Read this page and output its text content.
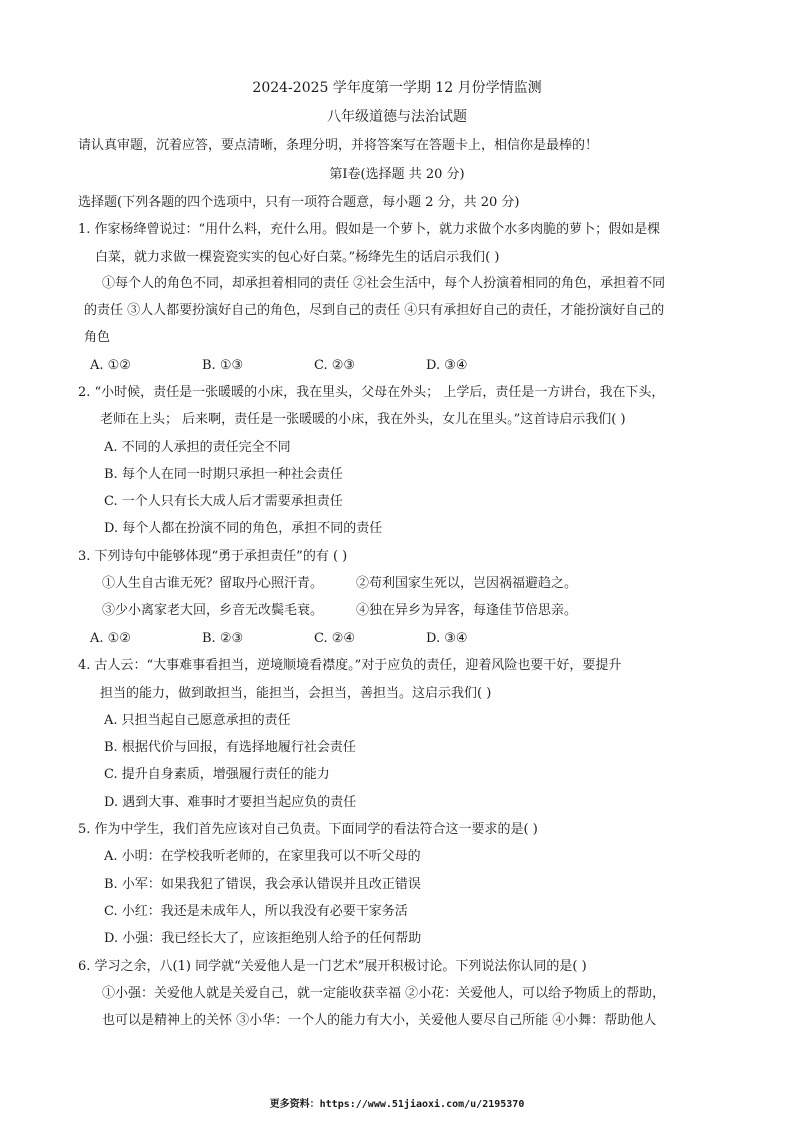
2024-2025 学年度第一学期 12 月份学情监测
八年级道德与法治试题
请认真审题，沉着应答，要点清晰，条理分明，并将答案写在答题卡上，相信你是最棒的！
第Ⅰ卷(选择题 共 20 分)
选择题(下列各题的四个选项中，只有一项符合题意，每小题 2 分，共 20 分)
1. 作家杨绛曾说过：“用什么料，充什么用。假如是一个萝卜，就力求做个水多肉脆的萝卜；假如是棵
白菜，就力求做一棵瓷瓷实实的包心好白菜。”杨绛先生的话启示我们( )
①每个人的角色不同，却承担着相同的责任 ②社会生活中，每个人扮演着相同的角色，承担着不同
的责任 ③人人都要扮演好自己的角色，尽到自己的责任 ④只有承担好自己的责任，才能扮演好自己的
角色
A. ①②	B. ①③	C. ②③	D. ③④
2. “小时候，责任是一张暖暖的小床，我在里头，父母在外头； 上学后，责任是一方讲台，我在下头，
老师在上头； 后来啊，责任是一张暖暖的小床，我在外头，女儿在里头。”这首诗启示我们( )
A. 不同的人承担的责任完全不同
B. 每个人在同一时期只承担一种社会责任
C. 一个人只有长大成人后才需要承担责任
D. 每个人都在扮演不同的角色，承担不同的责任
3. 下列诗句中能够体现“勇于承担责任”的有 ( )
①人生自古谁无死？留取丹心照汗青。	②苟利国家生死以，岂因祸福避趋之。
③少小离家老大回，乡音无改鬓毛衰。	④独在异乡为异客，每逢佳节倍思亲。
A. ①②	B. ②③	C. ②④	D. ③④
4. 古人云：“大事难事看担当，逆境顺境看襟度。”对于应负的责任，迎着风险也要干好，要提升
担当的能力，做到敢担当，能担当，会担当，善担当。这启示我们( )
A. 只担当起自己愿意承担的责任
B. 根据代价与回报，有选择地履行社会责任
C. 提升自身素质，增强履行责任的能力
D. 遇到大事、难事时才要担当起应负的责任
5. 作为中学生，我们首先应该对自己负责。下面同学的看法符合这一要求的是( )
A. 小明：在学校我听老师的，在家里我可以不听父母的
B. 小军：如果我犯了错误，我会承认错误并且改正错误
C. 小红：我还是未成年人，所以我没有必要干家务活
D. 小强：我已经长大了，应该拒绝别人给予的任何帮助
6. 学习之余，八(1) 同学就“关爱他人是一门艺术”展开积极讨论。下列说法你认同的是( )
①小强：关爱他人就是关爱自己，就一定能收获幸福 ②小花：关爱他人，可以给予物质上的帮助，
也可以是精神上的关怀 ③小华：一个人的能力有大小，关爱他人要尽自己所能 ④小舞：帮助他人
更多资料：https://www.51jiaoxi.com/u/2195370
